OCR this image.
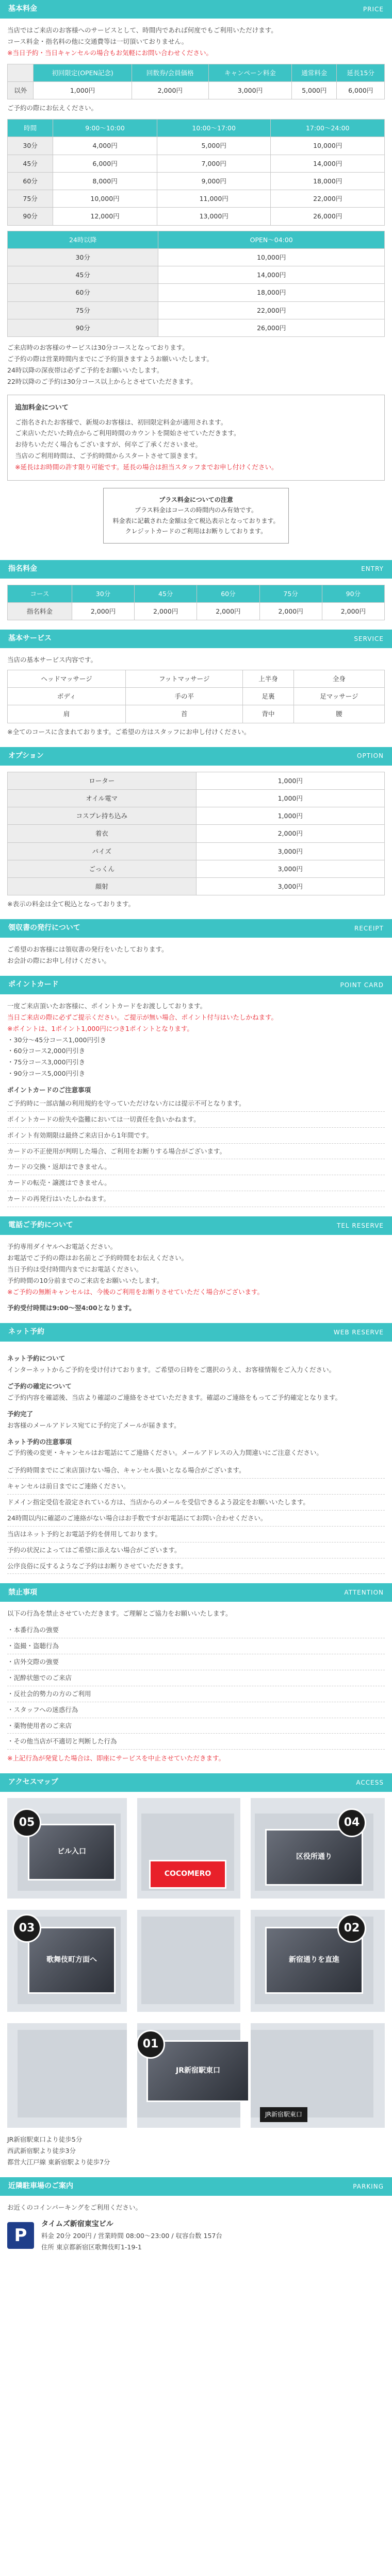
基本料金	PRICE

当店ではご来店のお客様へのサービスとして、時間内であれば何度でもご利用いただけます。

コース料金・指名料の他に交通費等は一切頂いておりません。

※当日予約・当日キャンセルの場合もお気軽にお問い合わせください。

	初回限定(OPEN記念)	回数券/会員価格	キャンペーン料金	通常料金	延長15分
以外	1,000円	2,000円	3,000円	5,000円	6,000円

ご予約の際にお伝えください。

時間	9:00〜10:00	10:00〜17:00	17:00〜24:00
30分	4,000円	5,000円	10,000円
45分	6,000円	7,000円	14,000円
60分	8,000円	9,000円	18,000円
75分	10,000円	11,000円	22,000円
90分	12,000円	13,000円	26,000円
24時以降	OPEN〜04:00
30分	10,000円
45分	14,000円
60分	18,000円
75分	22,000円
90分	26,000円

ご来店時のお客様のサービスは30分コースとなっております。

ご予約の際は営業時間内までにご予約頂きますようお願いいたします。

24時以降の深夜帯は必ずご予約をお願いいたします。

22時以降のご予約は30分コース以上からとさせていただきます。

追加料金について

ご指名されたお客様で、新規のお客様は、初回限定料金が適用されます。

ご来店いただいた時点からご利用時間のカウントを開始させていただきます。

お待ちいただく場合もございますが、何卒ご了承くださいませ。

当店のご利用時間は、ご予約時間からスタートさせて頂きます。

※延長はお時間の許す限り可能です。延長の場合は担当スタッフまでお申し付けください。

プラス料金についての注意

プラス料金はコースの時間内のみ有効です。

料金表に記載された金額は全て税込表示となっております。

クレジットカードのご利用はお断りしております。

指名料金	ENTRY
コース	30分	45分	60分	75分	90分
指名料金	2,000円	2,000円	2,000円	2,000円	2,000円
基本サービス	SERVICE

当店の基本サービス内容です。

ヘッドマッサージ	フットマッサージ	上半身	全身
ボディ	手の平	足裏	足マッサージ
肩	首	背中	腰

※全てのコースに含まれております。ご希望の方はスタッフにお申し付けください。

オプション	OPTION
ローター	1,000円
オイル電マ	1,000円
コスプレ持ち込み	1,000円
着衣	2,000円
パイズ	3,000円
ごっくん	3,000円
顔射	3,000円

※表示の料金は全て税込となっております。

領収書の発行について	RECEIPT

ご希望のお客様には領収書の発行をいたしております。

お会計の際にお申し付けください。

ポイントカード	POINT CARD

一度ご来店頂いたお客様に、ポイントカードをお渡ししております。

当日ご来店の際に必ずご提示ください。ご提示が無い場合、ポイント付与はいたしかねます。

※ポイントは、1ポイント1,000円につき1ポイントとなります。

・30分〜45分コース1,000円引き

・60分コース2,000円引き

・75分コース3,000円引き

・90分コース5,000円引き

ポイントカードのご注意事項

ご予約時に一部店舗の利用規約を守っていただけない方には提示不可となります。

ポイントカードの紛失や盗難においては一切責任を負いかねます。

ポイント有効期限は最終ご来店日から1年間です。

カードの不正使用が判明した場合、ご利用をお断りする場合がございます。

カードの交換・返却はできません。

カードの転売・譲渡はできません。

カードの再発行はいたしかねます。

電話ご予約について	TEL RESERVE

予約専用ダイヤルへお電話ください。

お電話でご予約の際はお名前とご予約時間をお伝えください。

当日予約は受付時間内までにお電話ください。

予約時間の10分前までのご来店をお願いいたします。

※ご予約の無断キャンセルは、今後のご利用をお断りさせていただく場合がございます。

予約受付時間は9:00〜翌4:00となります。

ネット予約	WEB RESERVE

ネット予約について

インターネットからご予約を受け付けております。ご希望の日時をご選択のうえ、お客様情報をご入力ください。

ご予約の確定について

ご予約内容を確認後、当店より確認のご連絡をさせていただきます。確認のご連絡をもってご予約確定となります。

予約完了

お客様のメールアドレス宛てに予約完了メールが届きます。

ネット予約の注意事項

ご予約後の変更・キャンセルはお電話にてご連絡ください。メールアドレスの入力間違いにご注意ください。

ご予約時間までにご来店頂けない場合、キャンセル扱いとなる場合がございます。

キャンセルは前日までにご連絡ください。

ドメイン指定受信を設定されている方は、当店からのメールを受信できるよう設定をお願いいたします。

24時間以内に確認のご連絡がない場合はお手数ですがお電話にてお問い合わせください。

当店はネット予約とお電話予約を併用しております。

予約の状況によってはご希望に添えない場合がございます。

公序良俗に反するようなご予約はお断りさせていただきます。

禁止事項	ATTENTION

以下の行為を禁止させていただきます。ご理解とご協力をお願いいたします。

・本番行為の強要

・盗撮・盗聴行為

・店外交際の強要

・泥酔状態でのご来店

・反社会的勢力の方のご利用

・スタッフへの迷惑行為

・薬物使用者のご来店

・その他当店が不適切と判断した行為

※上記行為が発覚した場合は、即座にサービスを中止させていただきます。

アクセスマップ	ACCESS
ビル入口
区役所通り
歌舞伎町方面へ	新宿通りを直進
JR新宿駅東口
05	04
03	02
01
COCOMERO
JR新宿駅東口

JR新宿駅東口より徒歩5分

西武新宿駅より徒歩3分

都営大江戸線 東新宿駅より徒歩7分

近隣駐車場のご案内	PARKING

お近くのコインパーキングをご利用ください。

P

タイムズ新宿東宝ビル

料金 20分 200円 / 営業時間 08:00〜23:00 / 収容台数 157台

住所 東京都新宿区歌舞伎町1-19-1
